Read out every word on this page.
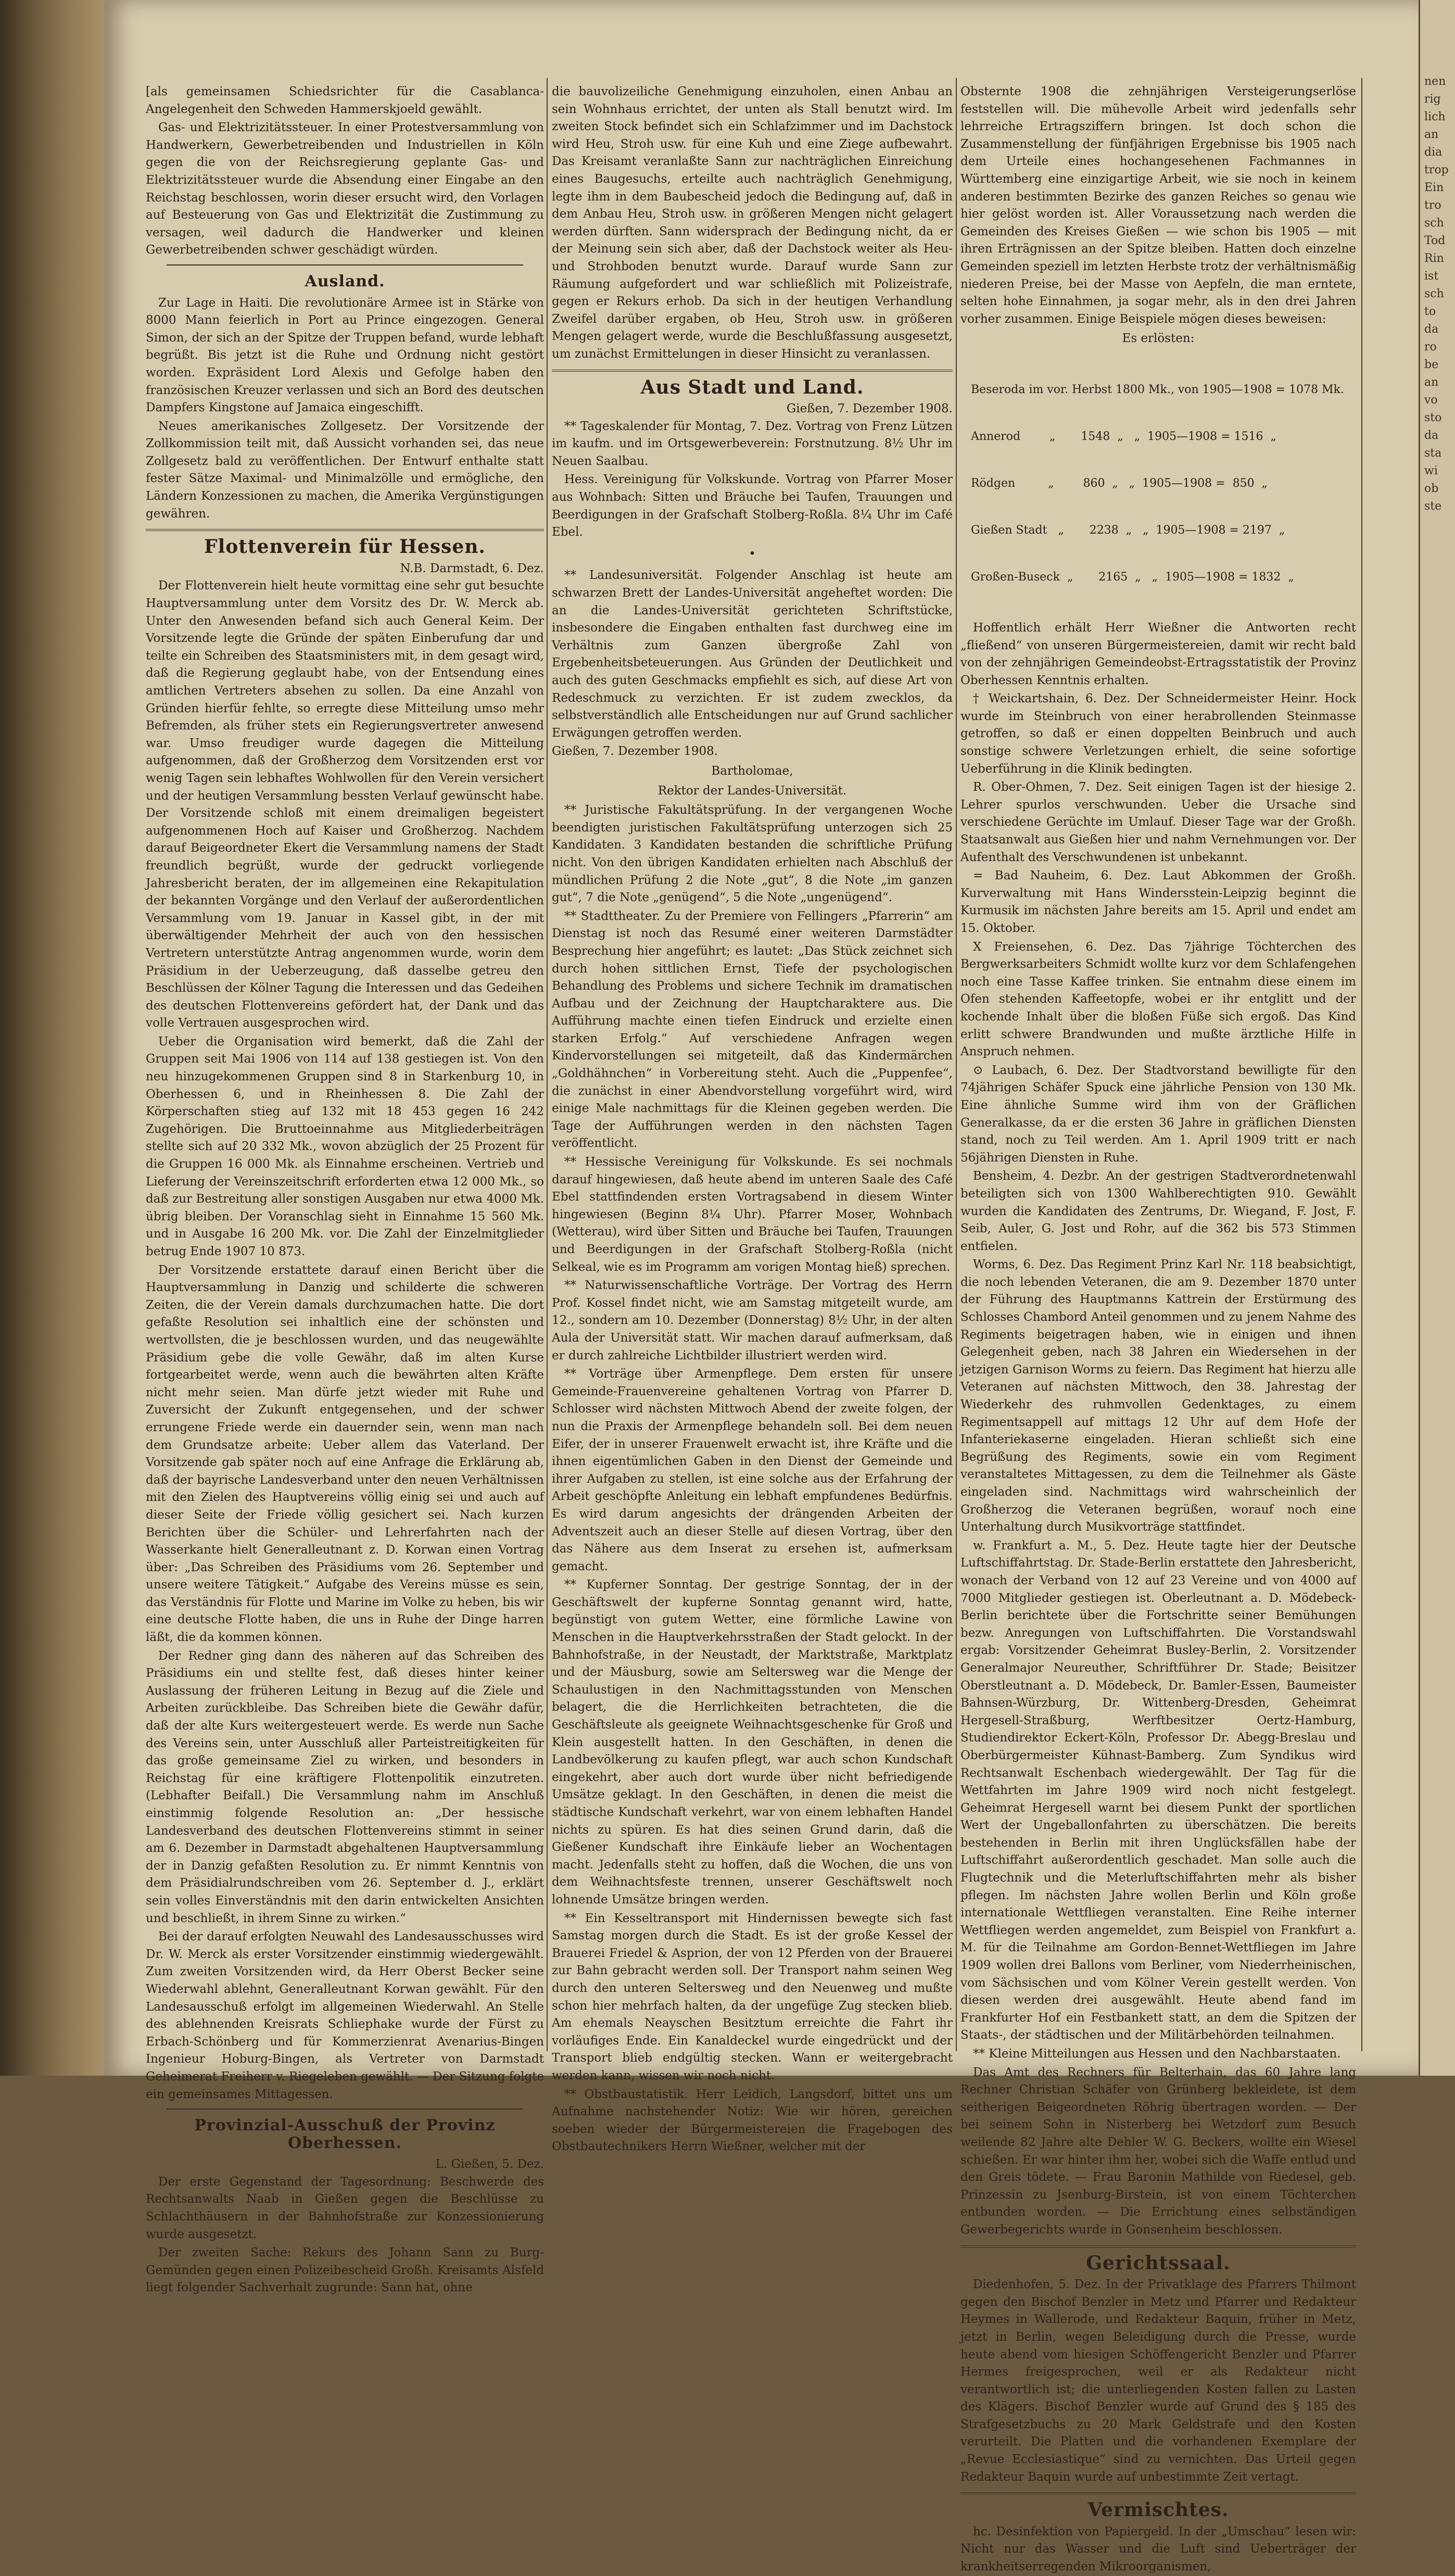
[als gemeinsamen Schiedsrichter für die Casablanca-Angelegenheit den Schweden Hammerskjoeld gewählt.

Gas- und Elektrizitätssteuer. In einer Protestversammlung von Handwerkern, Gewerbetreibenden und Industriellen in Köln gegen die von der Reichsregierung geplante Gas- und Elektrizitätssteuer wurde die Absendung einer Eingabe an den Reichstag beschlossen, worin dieser ersucht wird, den Vorlagen auf Besteuerung von Gas und Elektrizität die Zustimmung zu versagen, weil dadurch die Handwerker und kleinen Gewerbetreibenden schwer geschädigt würden.

Ausland.

Zur Lage in Haiti. Die revolutionäre Armee ist in Stärke von 8000 Mann feierlich in Port au Prince eingezogen. General Simon, der sich an der Spitze der Truppen befand, wurde lebhaft begrüßt. Bis jetzt ist die Ruhe und Ordnung nicht gestört worden. Expräsident Lord Alexis und Gefolge haben den französischen Kreuzer verlassen und sich an Bord des deutschen Dampfers Kingstone auf Jamaica eingeschifft.

Neues amerikanisches Zollgesetz. Der Vorsitzende der Zollkommission teilt mit, daß Aussicht vorhanden sei, das neue Zollgesetz bald zu veröffentlichen. Der Entwurf enthalte statt fester Sätze Maximal- und Minimalzölle und ermögliche, den Ländern Konzessionen zu machen, die Amerika Vergünstigungen gewähren.

Flottenverein für Hessen.
N.B. Darmstadt, 6. Dez.

Der Flottenverein hielt heute vormittag eine sehr gut besuchte Hauptversammlung unter dem Vorsitz des Dr. W. Merck ab. Unter den Anwesenden befand sich auch General Keim. Der Vorsitzende legte die Gründe der späten Einberufung dar und teilte ein Schreiben des Staatsministers mit, in dem gesagt wird, daß die Regierung geglaubt habe, von der Entsendung eines amtlichen Vertreters absehen zu sollen. Da eine Anzahl von Gründen hierfür fehlte, so erregte diese Mitteilung umso mehr Befremden, als früher stets ein Regierungsvertreter anwesend war. Umso freudiger wurde dagegen die Mitteilung aufgenommen, daß der Großherzog dem Vorsitzenden erst vor wenig Tagen sein lebhaftes Wohlwollen für den Verein versichert und der heutigen Versammlung bessten Verlauf gewünscht habe. Der Vorsitzende schloß mit einem dreimaligen begeistert aufgenommenen Hoch auf Kaiser und Großherzog. Nachdem darauf Beigeordneter Ekert die Versammlung namens der Stadt freundlich begrüßt, wurde der gedruckt vorliegende Jahresbericht beraten, der im allgemeinen eine Rekapitulation der bekannten Vorgänge und den Verlauf der außerordentlichen Versammlung vom 19. Januar in Kassel gibt, in der mit überwältigender Mehrheit der auch von den hessischen Vertretern unterstützte Antrag angenommen wurde, worin dem Präsidium in der Ueberzeugung, daß dasselbe getreu den Beschlüssen der Kölner Tagung die Interessen und das Gedeihen des deutschen Flottenvereins gefördert hat, der Dank und das volle Vertrauen ausgesprochen wird.

Ueber die Organisation wird bemerkt, daß die Zahl der Gruppen seit Mai 1906 von 114 auf 138 gestiegen ist. Von den neu hinzugekommenen Gruppen sind 8 in Starkenburg 10, in Oberhessen 6, und in Rheinhessen 8. Die Zahl der Körperschaften stieg auf 132 mit 18 453 gegen 16 242 Zugehörigen. Die Bruttoeinnahme aus Mitgliederbeiträgen stellte sich auf 20 332 Mk., wovon abzüglich der 25 Prozent für die Gruppen 16 000 Mk. als Einnahme erscheinen. Vertrieb und Lieferung der Vereinszeitschrift erforderten etwa 12 000 Mk., so daß zur Bestreitung aller sonstigen Ausgaben nur etwa 4000 Mk. übrig bleiben. Der Voranschlag sieht in Einnahme 15 560 Mk. und in Ausgabe 16 200 Mk. vor. Die Zahl der Einzelmitglieder betrug Ende 1907 10 873.

Der Vorsitzende erstattete darauf einen Bericht über die Hauptversammlung in Danzig und schilderte die schweren Zeiten, die der Verein damals durchzumachen hatte. Die dort gefaßte Resolution sei inhaltlich eine der schönsten und wertvollsten, die je beschlossen wurden, und das neugewählte Präsidium gebe die volle Gewähr, daß im alten Kurse fortgearbeitet werde, wenn auch die bewährten alten Kräfte nicht mehr seien. Man dürfe jetzt wieder mit Ruhe und Zuversicht der Zukunft entgegensehen, und der schwer errungene Friede werde ein dauernder sein, wenn man nach dem Grundsatze arbeite: Ueber allem das Vaterland. Der Vorsitzende gab später noch auf eine Anfrage die Erklärung ab, daß der bayrische Landesverband unter den neuen Verhältnissen mit den Zielen des Hauptvereins völlig einig sei und auch auf dieser Seite der Friede völlig gesichert sei. Nach kurzen Berichten über die Schüler- und Lehrerfahrten nach der Wasserkante hielt Generalleutnant z. D. Korwan einen Vortrag über: „Das Schreiben des Präsidiums vom 26. September und unsere weitere Tätigkeit.“ Aufgabe des Vereins müsse es sein, das Verständnis für Flotte und Marine im Volke zu heben, bis wir eine deutsche Flotte haben, die uns in Ruhe der Dinge harren läßt, die da kommen können.

Der Redner ging dann des näheren auf das Schreiben des Präsidiums ein und stellte fest, daß dieses hinter keiner Auslassung der früheren Leitung in Bezug auf die Ziele und Arbeiten zurückbleibe. Das Schreiben biete die Gewähr dafür, daß der alte Kurs weitergesteuert werde. Es werde nun Sache des Vereins sein, unter Ausschluß aller Parteistreitigkeiten für das große gemeinsame Ziel zu wirken, und besonders in Reichstag für eine kräftigere Flottenpolitik einzutreten. (Lebhafter Beifall.) Die Versammlung nahm im Anschluß einstimmig folgende Resolution an: „Der hessische Landesverband des deutschen Flottenvereins stimmt in seiner am 6. Dezember in Darmstadt abgehaltenen Hauptversammlung der in Danzig gefaßten Resolution zu. Er nimmt Kenntnis von dem Präsidialrundschreiben vom 26. September d. J., erklärt sein volles Einverständnis mit den darin entwickelten Ansichten und beschließt, in ihrem Sinne zu wirken.“

Bei der darauf erfolgten Neuwahl des Landesausschusses wird Dr. W. Merck als erster Vorsitzender einstimmig wiedergewählt. Zum zweiten Vorsitzenden wird, da Herr Oberst Becker seine Wiederwahl ablehnt, Generalleutnant Korwan gewählt. Für den Landesausschuß erfolgt im allgemeinen Wiederwahl. An Stelle des ablehnenden Kreisrats Schliephake wurde der Fürst zu Erbach-Schönberg und für Kommerzienrat Avenarius-Bingen Ingenieur Hoburg-Bingen, als Vertreter von Darmstadt Geheimerat Freiherr v. Riegeleben gewählt. — Der Sitzung folgte ein gemeinsames Mittagessen.

Provinzial-Ausschuß der Provinz Oberhessen.
L. Gießen, 5. Dez.

Der erste Gegenstand der Tagesordnung: Beschwerde des Rechtsanwalts Naab in Gießen gegen die Beschlüsse zu Schlachthäusern in der Bahnhofstraße zur Konzessionierung wurde ausgesetzt.

Der zweiten Sache: Rekurs des Johann Sann zu Burg-Gemünden gegen einen Polizeibescheid Großh. Kreisamts Alsfeld liegt folgender Sachverhalt zugrunde: Sann hat, ohne

die bauvolizeiliche Genehmigung einzuholen, einen Anbau an sein Wohnhaus errichtet, der unten als Stall benutzt wird. Im zweiten Stock befindet sich ein Schlafzimmer und im Dachstock wird Heu, Stroh usw. für eine Kuh und eine Ziege aufbewahrt. Das Kreisamt veranlaßte Sann zur nachträglichen Einreichung eines Baugesuchs, erteilte auch nachträglich Genehmigung, legte ihm in dem Baubescheid jedoch die Bedingung auf, daß in dem Anbau Heu, Stroh usw. in größeren Mengen nicht gelagert werden dürften. Sann widersprach der Bedingung nicht, da er der Meinung sein sich aber, daß der Dachstock weiter als Heu- und Strohboden benutzt wurde. Darauf wurde Sann zur Räumung aufgefordert und war schließlich mit Polizeistrafe, gegen er Rekurs erhob. Da sich in der heutigen Verhandlung Zweifel darüber ergaben, ob Heu, Stroh usw. in größeren Mengen gelagert werde, wurde die Beschlußfassung ausgesetzt, um zunächst Ermittelungen in dieser Hinsicht zu veranlassen.

Aus Stadt und Land.
Gießen, 7. Dezember 1908.

** Tageskalender für Montag, 7. Dez. Vortrag von Frenz Lützen im kaufm. und im Ortsgewerbeverein: Forstnutzung. 8½ Uhr im Neuen Saalbau.

Hess. Vereinigung für Volkskunde. Vortrag von Pfarrer Moser aus Wohnbach: Sitten und Bräuche bei Taufen, Trauungen und Beerdigungen in der Grafschaft Stolberg-Roßla. 8¼ Uhr im Café Ebel.

•

** Landesuniversität. Folgender Anschlag ist heute am schwarzen Brett der Landes-Universität angeheftet worden: Die an die Landes-Universität gerichteten Schriftstücke, insbesondere die Eingaben enthalten fast durchweg eine im Verhältnis zum Ganzen übergroße Zahl von Ergebenheitsbeteuerungen. Aus Gründen der Deutlichkeit und auch des guten Geschmacks empfiehlt es sich, auf diese Art von Redeschmuck zu verzichten. Er ist zudem zwecklos, da selbstverständlich alle Entscheidungen nur auf Grund sachlicher Erwägungen getroffen werden.

Gießen, 7. Dezember 1908.

Bartholomae,
Rektor der Landes-Universität.

** Juristische Fakultätsprüfung. In der vergangenen Woche beendigten juristischen Fakultätsprüfung unterzogen sich 25 Kandidaten. 3 Kandidaten bestanden die schriftliche Prüfung nicht. Von den übrigen Kandidaten erhielten nach Abschluß der mündlichen Prüfung 2 die Note „gut“, 8 die Note „im ganzen gut“, 7 die Note „genügend“, 5 die Note „ungenügend“.

** Stadttheater. Zu der Premiere von Fellingers „Pfarrerin“ am Dienstag ist noch das Resumé einer weiteren Darmstädter Besprechung hier angeführt; es lautet: „Das Stück zeichnet sich durch hohen sittlichen Ernst, Tiefe der psychologischen Behandlung des Problems und sichere Technik im dramatischen Aufbau und der Zeichnung der Hauptcharaktere aus. Die Aufführung machte einen tiefen Eindruck und erzielte einen starken Erfolg.“ Auf verschiedene Anfragen wegen Kindervorstellungen sei mitgeteilt, daß das Kindermärchen „Goldhähnchen“ in Vorbereitung steht. Auch die „Puppenfee“, die zunächst in einer Abendvorstellung vorgeführt wird, wird einige Male nachmittags für die Kleinen gegeben werden. Die Tage der Aufführungen werden in den nächsten Tagen veröffentlicht.

** Hessische Vereinigung für Volkskunde. Es sei nochmals darauf hingewiesen, daß heute abend im unteren Saale des Café Ebel stattfindenden ersten Vortragsabend in diesem Winter hingewiesen (Beginn 8¼ Uhr). Pfarrer Moser, Wohnbach (Wetterau), wird über Sitten und Bräuche bei Taufen, Trauungen und Beerdigungen in der Grafschaft Stolberg-Roßla (nicht Selkeal, wie es im Programm am vorigen Montag hieß) sprechen.

** Naturwissenschaftliche Vorträge. Der Vortrag des Herrn Prof. Kossel findet nicht, wie am Samstag mitgeteilt wurde, am 12., sondern am 10. Dezember (Donnerstag) 8½ Uhr, in der alten Aula der Universität statt. Wir machen darauf aufmerksam, daß er durch zahlreiche Lichtbilder illustriert werden wird.

** Vorträge über Armenpflege. Dem ersten für unsere Gemeinde-Frauenvereine gehaltenen Vortrag von Pfarrer D. Schlosser wird nächsten Mittwoch Abend der zweite folgen, der nun die Praxis der Armenpflege behandeln soll. Bei dem neuen Eifer, der in unserer Frauenwelt erwacht ist, ihre Kräfte und die ihnen eigentümlichen Gaben in den Dienst der Gemeinde und ihrer Aufgaben zu stellen, ist eine solche aus der Erfahrung der Arbeit geschöpfte Anleitung ein lebhaft empfundenes Bedürfnis. Es wird darum angesichts der drängenden Arbeiten der Adventszeit auch an dieser Stelle auf diesen Vortrag, über den das Nähere aus dem Inserat zu ersehen ist, aufmerksam gemacht.

** Kupferner Sonntag. Der gestrige Sonntag, der in der Geschäftswelt der kupferne Sonntag genannt wird, hatte, begünstigt von gutem Wetter, eine förmliche Lawine von Menschen in die Hauptverkehrsstraßen der Stadt gelockt. In der Bahnhofstraße, in der Neustadt, der Marktstraße, Marktplatz und der Mäusburg, sowie am Seltersweg war die Menge der Schaulustigen in den Nachmittagsstunden von Menschen belagert, die die Herrlichkeiten betrachteten, die die Geschäftsleute als geeignete Weihnachtsgeschenke für Groß und Klein ausgestellt hatten. In den Geschäften, in denen die Landbevölkerung zu kaufen pflegt, war auch schon Kundschaft eingekehrt, aber auch dort wurde über nicht befriedigende Umsätze geklagt. In den Geschäften, in denen die meist die städtische Kundschaft verkehrt, war von einem lebhaften Handel nichts zu spüren. Es hat dies seinen Grund darin, daß die Gießener Kundschaft ihre Einkäufe lieber an Wochentagen macht. Jedenfalls steht zu hoffen, daß die Wochen, die uns von dem Weihnachtsfeste trennen, unserer Geschäftswelt noch lohnende Umsätze bringen werden.

** Ein Kesseltransport mit Hindernissen bewegte sich fast Samstag morgen durch die Stadt. Es ist der große Kessel der Brauerei Friedel & Asprion, der von 12 Pferden von der Brauerei zur Bahn gebracht werden soll. Der Transport nahm seinen Weg durch den unteren Seltersweg und den Neuenweg und mußte schon hier mehrfach halten, da der ungefüge Zug stecken blieb. Am ehemals Neayschen Besitztum erreichte die Fahrt ihr vorläufiges Ende. Ein Kanaldeckel wurde eingedrückt und der Transport blieb endgültig stecken. Wann er weitergebracht werden kann, wissen wir noch nicht.

** Obstbaustatistik. Herr Leidich, Langsdorf, bittet uns um Aufnahme nachstehender Notiz: Wie wir hören, gereichen soeben wieder der Bürgermeistereien die Fragebogen des Obstbautechnikers Herrn Wießner, welcher mit der

Obsternte 1908 die zehnjährigen Versteigerungserlöse feststellen will. Die mühevolle Arbeit wird jedenfalls sehr lehrreiche Ertragsziffern bringen. Ist doch schon die Zusammenstellung der fünfjährigen Ergebnisse bis 1905 nach dem Urteile eines hochangesehenen Fachmannes in Württemberg eine einzigartige Arbeit, wie sie noch in keinem anderen bestimmten Bezirke des ganzen Reiches so genau wie hier gelöst worden ist. Aller Voraussetzung nach werden die Gemeinden des Kreises Gießen — wie schon bis 1905 — mit ihren Erträgnissen an der Spitze bleiben. Hatten doch einzelne Gemeinden speziell im letzten Herbste trotz der verhältnismäßig niederen Preise, bei der Masse von Aepfeln, die man erntete, selten hohe Einnahmen, ja sogar mehr, als in den drei Jahren vorher zusammen. Einige Beispiele mögen dieses beweisen:

Es erlösten:

Beseroda im vor. Herbst 1800 Mk., von 1905—1908 = 1078 Mk.

Annerod        „       1548  „   „  1905—1908 = 1516  „

Rödgen         „        860  „   „  1905—1908 =  850  „

Gießen Stadt   „       2238  „   „  1905—1908 = 2197  „

Großen-Buseck  „       2165  „   „  1905—1908 = 1832  „

Hoffentlich erhält Herr Wießner die Antworten recht „fließend“ von unseren Bürgermeistereien, damit wir recht bald von der zehnjährigen Gemeindeobst-Ertragsstatistik der Provinz Oberhessen Kenntnis erhalten.

† Weickartshain, 6. Dez. Der Schneidermeister Heinr. Hock wurde im Steinbruch von einer herabrollenden Steinmasse getroffen, so daß er einen doppelten Beinbruch und auch sonstige schwere Verletzungen erhielt, die seine sofortige Ueberführung in die Klinik bedingten.

R. Ober-Ohmen, 7. Dez. Seit einigen Tagen ist der hiesige 2. Lehrer spurlos verschwunden. Ueber die Ursache sind verschiedene Gerüchte im Umlauf. Dieser Tage war der Großh. Staatsanwalt aus Gießen hier und nahm Vernehmungen vor. Der Aufenthalt des Verschwundenen ist unbekannt.

= Bad Nauheim, 6. Dez. Laut Abkommen der Großh. Kurverwaltung mit Hans Windersstein-Leipzig beginnt die Kurmusik im nächsten Jahre bereits am 15. April und endet am 15. Oktober.

X Freiensehen, 6. Dez. Das 7jährige Töchterchen des Bergwerksarbeiters Schmidt wollte kurz vor dem Schlafengehen noch eine Tasse Kaffee trinken. Sie entnahm diese einem im Ofen stehenden Kaffeetopfe, wobei er ihr entglitt und der kochende Inhalt über die bloßen Füße sich ergoß. Das Kind erlitt schwere Brandwunden und mußte ärztliche Hilfe in Anspruch nehmen.

⊙ Laubach, 6. Dez. Der Stadtvorstand bewilligte für den 74jährigen Schäfer Spuck eine jährliche Pension von 130 Mk. Eine ähnliche Summe wird ihm von der Gräflichen Generalkasse, da er die ersten 36 Jahre in gräflichen Diensten stand, noch zu Teil werden. Am 1. April 1909 tritt er nach 56jährigen Diensten in Ruhe.

Bensheim, 4. Dezbr. An der gestrigen Stadtverordnetenwahl beteiligten sich von 1300 Wahlberechtigten 910. Gewählt wurden die Kandidaten des Zentrums, Dr. Wiegand, F. Jost, F. Seib, Auler, G. Jost und Rohr, auf die 362 bis 573 Stimmen entfielen.

Worms, 6. Dez. Das Regiment Prinz Karl Nr. 118 beabsichtigt, die noch lebenden Veteranen, die am 9. Dezember 1870 unter der Führung des Hauptmanns Kattrein der Erstürmung des Schlosses Chambord Anteil genommen und zu jenem Nahme des Regiments beigetragen haben, wie in einigen und ihnen Gelegenheit geben, nach 38 Jahren ein Wiedersehen in der jetzigen Garnison Worms zu feiern. Das Regiment hat hierzu alle Veteranen auf nächsten Mittwoch, den 38. Jahrestag der Wiederkehr des ruhmvollen Gedenktages, zu einem Regimentsappell auf mittags 12 Uhr auf dem Hofe der Infanteriekaserne eingeladen. Hieran schließt sich eine Begrüßung des Regiments, sowie ein vom Regiment veranstaltetes Mittagessen, zu dem die Teilnehmer als Gäste eingeladen sind. Nachmittags wird wahrscheinlich der Großherzog die Veteranen begrüßen, worauf noch eine Unterhaltung durch Musikvorträge stattfindet.

w. Frankfurt a. M., 5. Dez. Heute tagte hier der Deutsche Luftschiffahrtstag. Dr. Stade-Berlin erstattete den Jahresbericht, wonach der Verband von 12 auf 23 Vereine und von 4000 auf 7000 Mitglieder gestiegen ist. Oberleutnant a. D. Mödebeck-Berlin berichtete über die Fortschritte seiner Bemühungen bezw. Anregungen von Luftschiffahrten. Die Vorstandswahl ergab: Vorsitzender Geheimrat Busley-Berlin, 2. Vorsitzender Generalmajor Neureuther, Schriftführer Dr. Stade; Beisitzer Oberstleutnant a. D. Mödebeck, Dr. Bamler-Essen, Baumeister Bahnsen-Würzburg, Dr. Wittenberg-Dresden, Geheimrat Hergesell-Straßburg, Werftbesitzer Oertz-Hamburg, Studiendirektor Eckert-Köln, Professor Dr. Abegg-Breslau und Oberbürgermeister Kühnast-Bamberg. Zum Syndikus wird Rechtsanwalt Eschenbach wiedergewählt. Der Tag für die Wettfahrten im Jahre 1909 wird noch nicht festgelegt. Geheimrat Hergesell warnt bei diesem Punkt der sportlichen Wert der Ungeballonfahrten zu überschätzen. Die bereits bestehenden in Berlin mit ihren Unglücksfällen habe der Luftschiffahrt außerordentlich geschadet. Man solle auch die Flugtechnik und die Meterluftschiffahrten mehr als bisher pflegen. Im nächsten Jahre wollen Berlin und Köln große internationale Wettfliegen veranstalten. Eine Reihe interner Wettfliegen werden angemeldet, zum Beispiel von Frankfurt a. M. für die Teilnahme am Gordon-Bennet-Wettfliegen im Jahre 1909 wollen drei Ballons vom Berliner, vom Niederrheinischen, vom Sächsischen und vom Kölner Verein gestellt werden. Von diesen werden drei ausgewählt. Heute abend fand im Frankfurter Hof ein Festbankett statt, an dem die Spitzen der Staats-, der städtischen und der Militärbehörden teilnahmen.

** Kleine Mitteilungen aus Hessen und den Nachbarstaaten.

Das Amt des Rechners für Belterhain, das 60 Jahre lang Rechner Christian Schäfer von Grünberg bekleidete, ist dem seitherigen Beigeordneten Röhrig übertragen worden. — Der bei seinem Sohn in Nisterberg bei Wetzdorf zum Besuch weilende 82 Jahre alte Dehler W. G. Beckers, wollte ein Wiesel schießen. Er war hinter ihm her, wobei sich die Waffe entlud und den Greis tödete. — Frau Baronin Mathilde von Riedesel, geb. Prinzessin zu Jsenburg-Birstein, ist von einem Töchterchen entbunden worden. — Die Errichtung eines selbständigen Gewerbegerichts wurde in Gonsenheim beschlossen.

Gerichtssaal.

Diedenhofen, 5. Dez. In der Privatklage des Pfarrers Thilmont gegen den Bischof Benzler in Metz und Pfarrer und Redakteur Heymes in Wallerode, und Redakteur Baquin, früher in Metz, jetzt in Berlin, wegen Beleidigung durch die Presse, wurde heute abend vom hiesigen Schöffengericht Benzler und Pfarrer Hermes freigesprochen, weil er als Redakteur nicht verantwortlich ist; die unterliegenden Kosten fallen zu Lasten des Klägers. Bischof Benzler wurde auf Grund des § 185 des Strafgesetzbuchs zu 20 Mark Geldstrafe und den Kosten verurteilt. Die Platten und die vorhandenen Exemplare der „Revue Ecclesiastique“ sind zu vernichten. Das Urteil gegen Redakteur Baquin wurde auf unbestimmte Zeit vertagt.

Vermischtes.

hc. Desinfektion von Papiergeld. In der „Umschau“ lesen wir: Nicht nur das Wasser und die Luft sind Ueberträger der krankheitserregenden Mikroorganismen,

nen
rig
lich
an
dia
trop
Ein
tro
sch
Tod
Rin
ist
sch
to
da
ro
be
an
vo
sto
da
sta
wi
ob
ste
